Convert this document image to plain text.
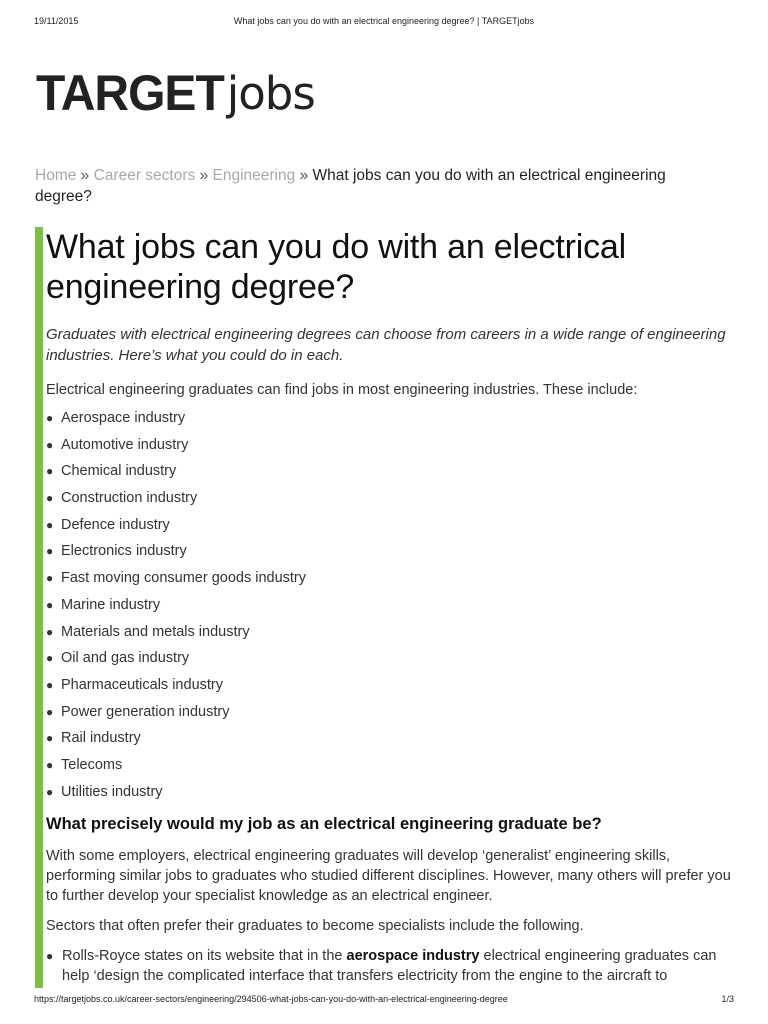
19/11/2015	What jobs can you do with an electrical engineering degree? | TARGETjobs
TARGETjobs
Home » Career sectors » Engineering » What jobs can you do with an electrical engineering degree?
What jobs can you do with an electrical engineering degree?

Graduates with electrical engineering degrees can choose from careers in a wide range of engineering industries. Here’s what you could do in each.

Electrical engineering graduates can find jobs in most engineering industries. These include:

● Aerospace industry
● Automotive industry
● Chemical industry
● Construction industry
● Defence industry
● Electronics industry
● Fast moving consumer goods industry
● Marine industry
● Materials and metals industry
● Oil and gas industry
● Pharmaceuticals industry
● Power generation industry
● Rail industry
● Telecoms
● Utilities industry
What precisely would my job as an electrical engineering graduate be?

With some employers, electrical engineering graduates will develop ‘generalist’ engineering skills, performing similar jobs to graduates who studied different disciplines. However, many others will prefer you to further develop your specialist knowledge as an electrical engineer.

Sectors that often prefer their graduates to become specialists include the following.

● Rolls-Royce states on its website that in the aerospace industry electrical engineering graduates can help ‘design the complicated interface that transfers electricity from the engine to the aircraft to
https://targetjobs.co.uk/career-sectors/engineering/294506-what-jobs-can-you-do-with-an-electrical-engineering-degree	1/3
